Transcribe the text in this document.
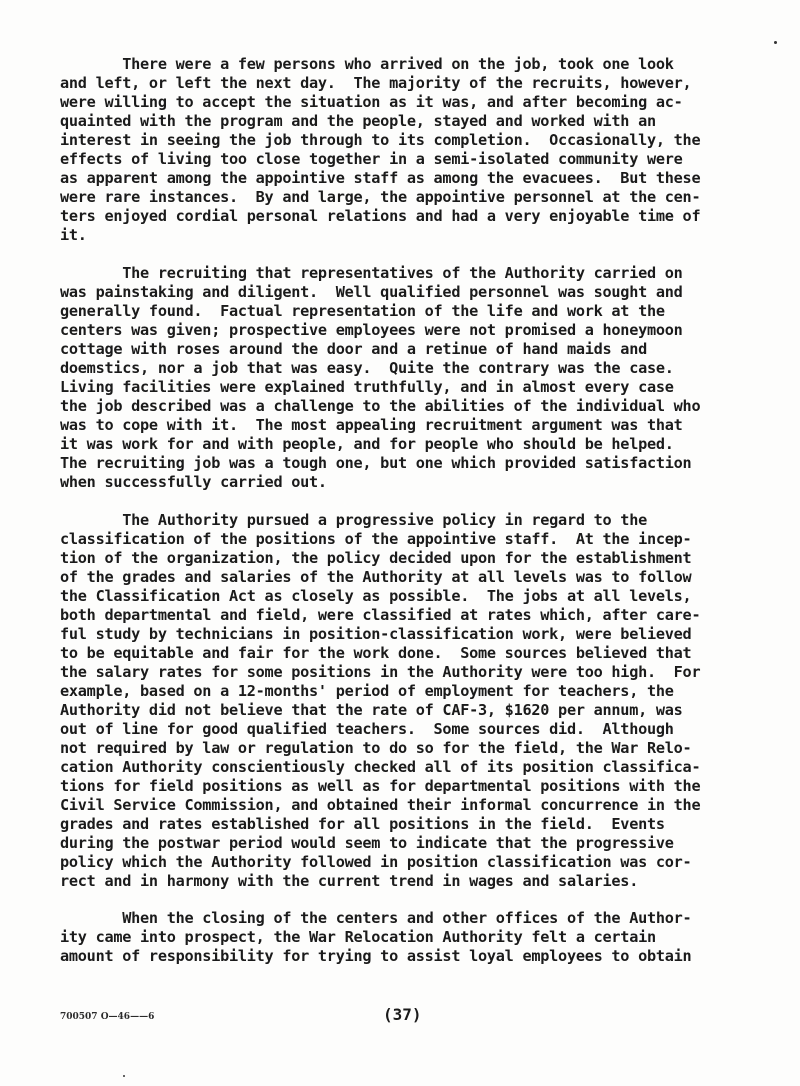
There were a few persons who arrived on the job, took one look
and left, or left the next day.  The majority of the recruits, however,
were willing to accept the situation as it was, and after becoming ac-
quainted with the program and the people, stayed and worked with an
interest in seeing the job through to its completion.  Occasionally, the
effects of living too close together in a semi-isolated community were
as apparent among the appointive staff as among the evacuees.  But these
were rare instances.  By and large, the appointive personnel at the cen-
ters enjoyed cordial personal relations and had a very enjoyable time of
it.
The recruiting that representatives of the Authority carried on
was painstaking and diligent.  Well qualified personnel was sought and
generally found.  Factual representation of the life and work at the
centers was given; prospective employees were not promised a honeymoon
cottage with roses around the door and a retinue of hand maids and
doemstics, nor a job that was easy.  Quite the contrary was the case.
Living facilities were explained truthfully, and in almost every case
the job described was a challenge to the abilities of the individual who
was to cope with it.  The most appealing recruitment argument was that
it was work for and with people, and for people who should be helped.
The recruiting job was a tough one, but one which provided satisfaction
when successfully carried out.
The Authority pursued a progressive policy in regard to the
classification of the positions of the appointive staff.  At the incep-
tion of the organization, the policy decided upon for the establishment
of the grades and salaries of the Authority at all levels was to follow
the Classification Act as closely as possible.  The jobs at all levels,
both departmental and field, were classified at rates which, after care-
ful study by technicians in position-classification work, were believed
to be equitable and fair for the work done.  Some sources believed that
the salary rates for some positions in the Authority were too high.  For
example, based on a 12-months' period of employment for teachers, the
Authority did not believe that the rate of CAF-3, $1620 per annum, was
out of line for good qualified teachers.  Some sources did.  Although
not required by law or regulation to do so for the field, the War Relo-
cation Authority conscientiously checked all of its position classifica-
tions for field positions as well as for departmental positions with the
Civil Service Commission, and obtained their informal concurrence in the
grades and rates established for all positions in the field.  Events
during the postwar period would seem to indicate that the progressive
policy which the Authority followed in position classification was cor-
rect and in harmony with the current trend in wages and salaries.
When the closing of the centers and other offices of the Author-
ity came into prospect, the War Relocation Authority felt a certain
amount of responsibility for trying to assist loyal employees to obtain
700507 O—46——6	(37)
